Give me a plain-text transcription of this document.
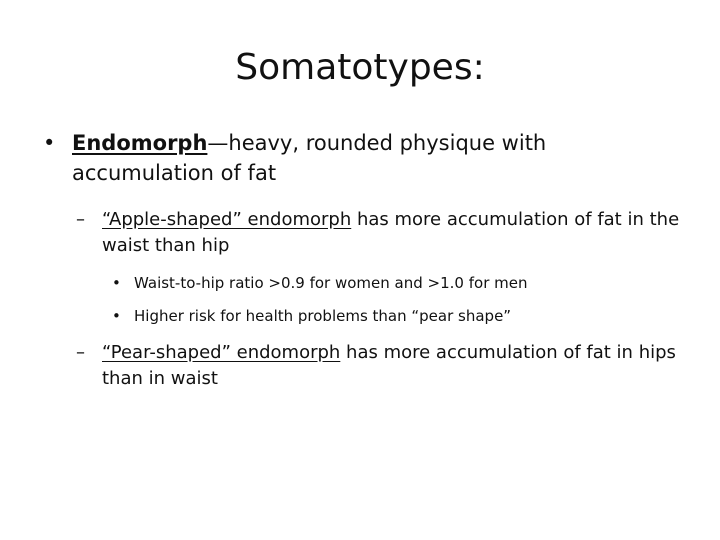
Somatotypes:
• Endomorph—heavy, rounded physique with accumulation of fat
– “Apple-shaped” endomorph has more accumulation of fat in the waist than hip
• Waist-to-hip ratio >0.9 for women and >1.0 for men
• Higher risk for health problems than “pear shape”
– “Pear-shaped” endomorph has more accumulation of fat in hips than in waist
